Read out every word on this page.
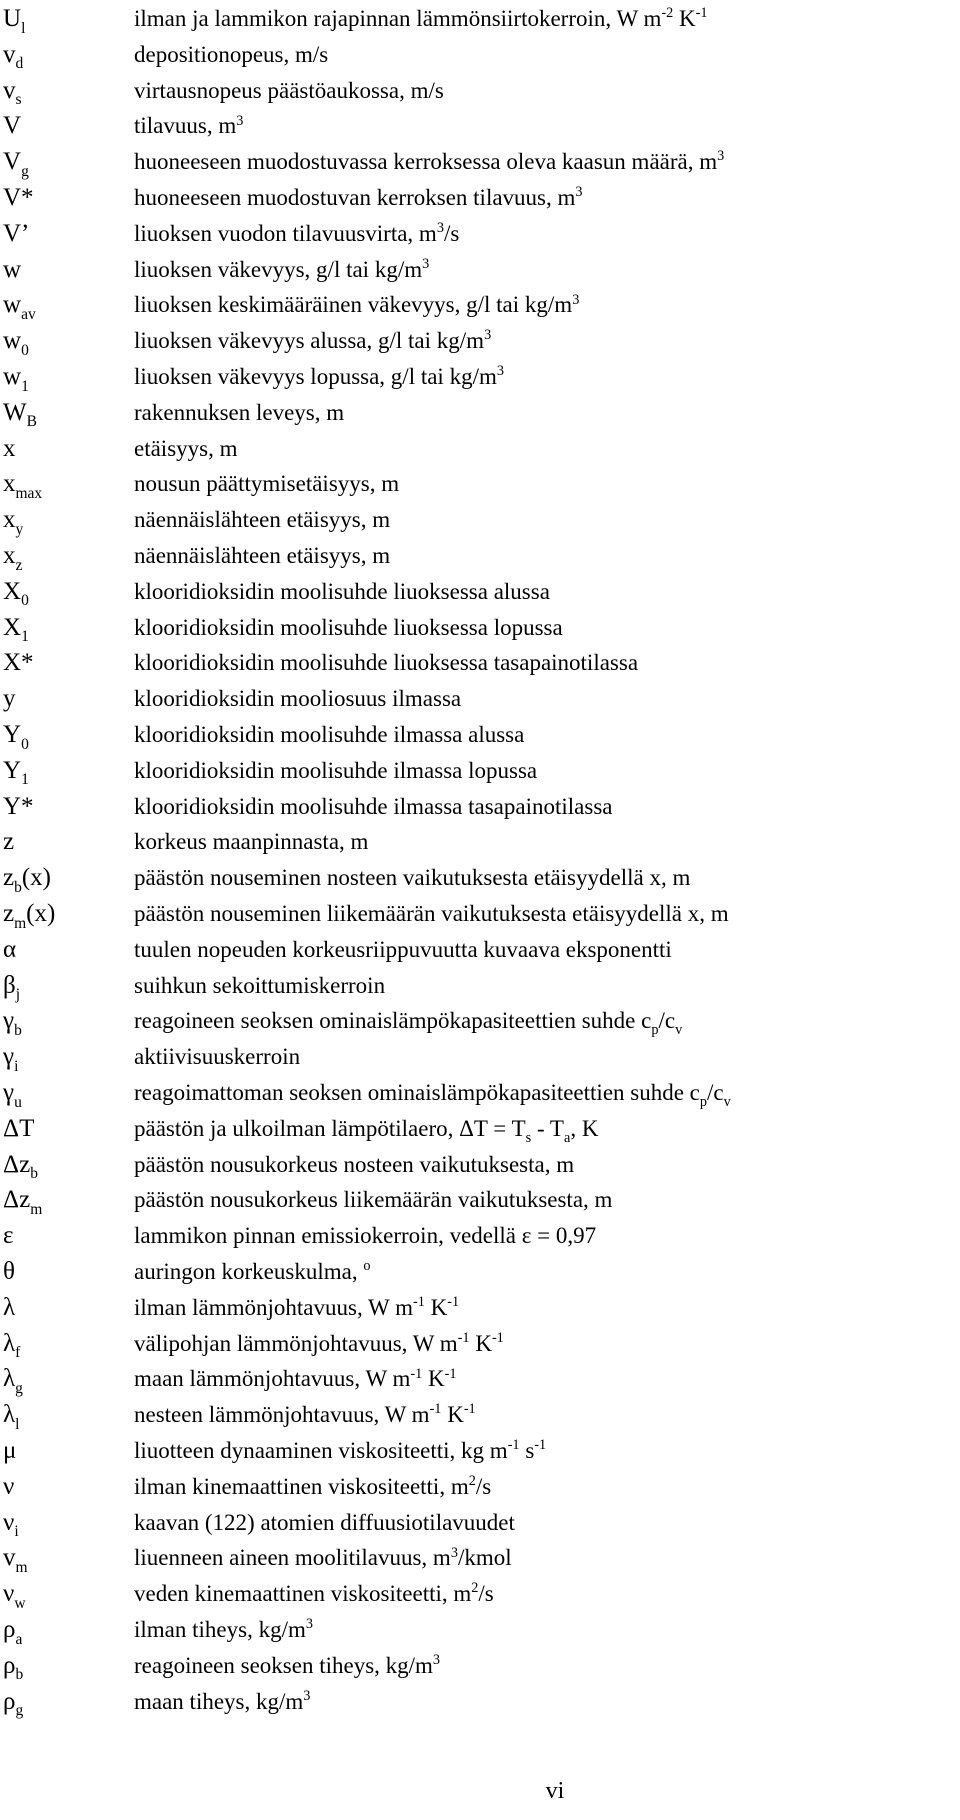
$U_l$	ilman ja lammikon rajapinnan lämmönsiirtokerroin, W $m^{-2}$ $K^{-1}$
$v_d$	depositionopeus, m/s
$v_s$	virtausnopeus päästöaukossa, m/s
V	tilavuus, $m^3$
$V_g$	huoneeseen muodostuvassa kerroksessa oleva kaasun määrä, $m^3$
V*	huoneeseen muodostuvan kerroksen tilavuus, $m^3$
V’	liuoksen vuodon tilavuusvirta, $m^3/s$
w	liuoksen väkevyys, g/l tai $kg/m^3$
$w_{av}$	liuoksen keskimääräinen väkevyys, g/l tai $kg/m^3$
$w_0$	liuoksen väkevyys alussa, g/l tai $kg/m^3$
$w_1$	liuoksen väkevyys lopussa, g/l tai $kg/m^3$
$W_B$	rakennuksen leveys, m
x	etäisyys, m
$x_{max}$	nousun päättymisetäisyys, m
$x_y$	näennäislähteen etäisyys, m
$x_z$	näennäislähteen etäisyys, m
$X_0$	klooridioksidin moolisuhde liuoksessa alussa
$X_1$	klooridioksidin moolisuhde liuoksessa lopussa
X*	klooridioksidin moolisuhde liuoksessa tasapainotilassa
y	klooridioksidin mooliosuus ilmassa
$Y_0$	klooridioksidin moolisuhde ilmassa alussa
$Y_1$	klooridioksidin moolisuhde ilmassa lopussa
Y*	klooridioksidin moolisuhde ilmassa tasapainotilassa
z	korkeus maanpinnasta, m
$z_b(x)$	päästön nouseminen nosteen vaikutuksesta etäisyydellä x, m
$z_m(x)$	päästön nouseminen liikemäärän vaikutuksesta etäisyydellä x, m
α	tuulen nopeuden korkeusriippuvuutta kuvaava eksponentti
$\beta_j$	suihkun sekoittumiskerroin
$\gamma_b$	reagoineen seoksen ominaislämpökapasiteettien suhde $c_p/c_v$
$\gamma_i$	aktiivisuuskerroin
$\gamma_u$	reagoimattoman seoksen ominaislämpökapasiteettien suhde $c_p/c_v$
ΔT	päästön ja ulkoilman lämpötilaero, $\Delta T = T_s - T_a$, K
$\Delta z_b$	päästön nousukorkeus nosteen vaikutuksesta, m
$\Delta z_m$	päästön nousukorkeus liikemäärän vaikutuksesta, m
ε	lammikon pinnan emissiokerroin, vedellä ε = 0,97
θ	auringon korkeuskulma, $^o$
λ	ilman lämmönjohtavuus, W $m^{-1}$ $K^{-1}$
$\lambda_f$	välipohjan lämmönjohtavuus, W $m^{-1}$ $K^{-1}$
$\lambda_g$	maan lämmönjohtavuus, W $m^{-1}$ $K^{-1}$
$\lambda_l$	nesteen lämmönjohtavuus, W $m^{-1}$ $K^{-1}$
μ	liuotteen dynaaminen viskositeetti, kg $m^{-1}$ $s^{-1}$
ν	ilman kinemaattinen viskositeetti, $m^2/s$
$\nu_i$	kaavan (122) atomien diffuusiotilavuudet
$v_m$	liuenneen aineen moolitilavuus, $m^3$/kmol
$\nu_w$	veden kinemaattinen viskositeetti, $m^2/s$
$\rho_a$	ilman tiheys, $kg/m^3$
$\rho_b$	reagoineen seoksen tiheys, $kg/m^3$
$\rho_g$	maan tiheys, $kg/m^3$
vi
